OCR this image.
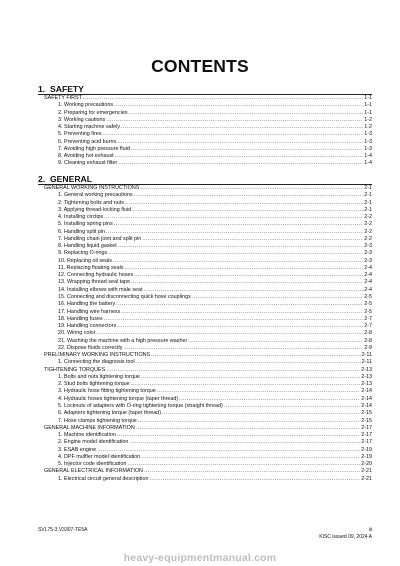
CONTENTS
1. SAFETY
SAFETY FIRST .....	1-1
1. Working precautions .....	1-1
2. Preparing for emergencies .....	1-1
3. Working cautions .....	1-2
4. Starting machine safely .....	1-2
5. Preventing fires .....	1-3
6. Preventing acid burns .....	1-3
7. Avoiding high pressure fluid .....	1-3
8. Avoiding hot exhaust .....	1-4
9. Cleaning exhaust filter .....	1-4
2. GENERAL
GENERAL WORKING INSTRUCTIONS .....	2-1
1. General working precautions .....	2-1
2. Tightening bolts and nuts .....	2-1
3. Applying thread-locking fluid .....	2-1
4. Installing circlips .....	2-2
5. Installing spring pins .....	2-2
6. Handling split pin .....	2-2
7. Handling chain joint and split pin .....	2-2
8. Handling liquid gasket .....	2-3
9. Replacing O-rings .....	2-3
10. Replacing oil seals .....	2-3
11. Replacing floating seals .....	2-4
12. Connecting hydraulic hoses .....	2-4
13. Wrapping thread seal tape .....	2-4
14. Installing elbows with male seat .....	2-4
15. Connecting and disconnecting quick hose couplings .....	2-5
16. Handling the battery .....	2-5
17. Handling wire harness .....	2-5
18. Handling fuses .....	2-7
19. Handling connectors .....	2-7
20. Wiring color .....	2-8
21. Washing the machine with a high pressure washer .....	2-8
22. Dispose fluids correctly .....	2-9
PRELIMINARY WORKING INSTRUCTIONS .....	2-11
1. Connecting the diagnosis tool .....	2-11
TIGHTENING TORQUES .....	2-13
1. Bolts and nuts tightening torque .....	2-13
2. Stud bolts tightening torque .....	2-13
3. Hydraulic hose fitting tightening torque .....	2-14
4. Hydraulic hoses tightening torque (taper thread) .....	2-14
5. Locknuts of adapters with O-ring tightening torque (straight thread) .....	2-14
6. Adapters tightening torque (taper thread) .....	2-15
7. Hose clamps tightening torque .....	2-15
GENERAL MACHINE INFORMATION .....	2-17
1. Machine identification .....	2-17
2. Engine model identification .....	2-17
3. ESAB engine .....	2-19
4. DPF muffler model identification .....	2-19
5. Injector code identification .....	2-20
GENERAL ELECTRICAL INFORMATION .....	2-21
1. Electrical circuit general description .....	2-21
SVL75-3,V3307-TE5A	iii
KISC issued 09, 2024 A
heavy-equipmentmanual.com
